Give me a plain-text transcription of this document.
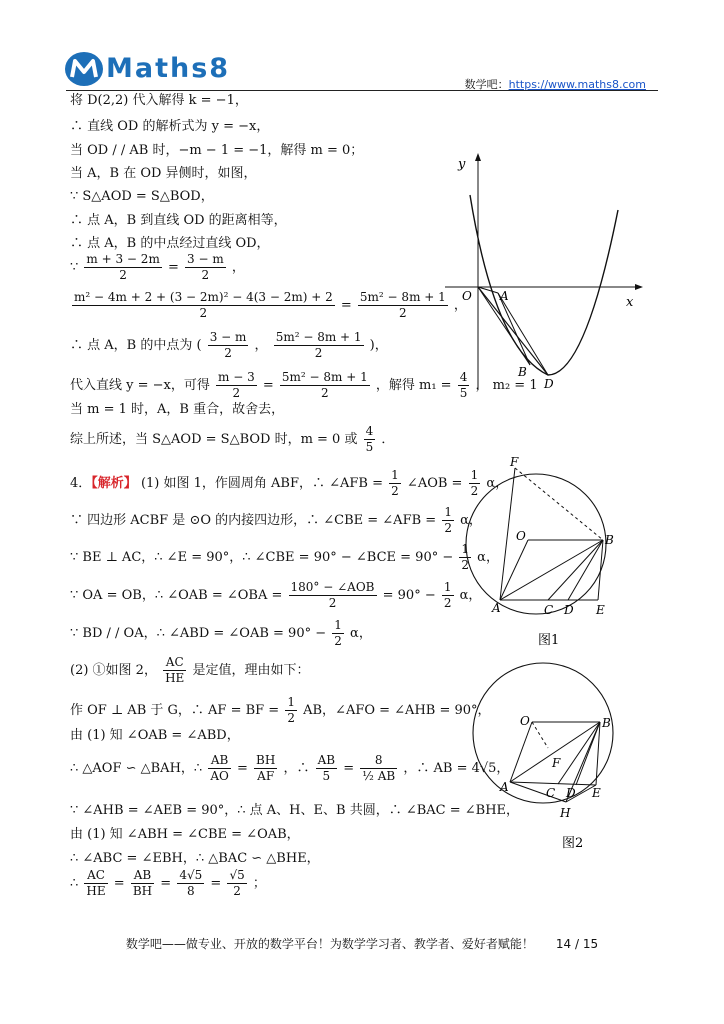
Maths8
数学吧：https://www.maths8.com
将 D(2,2) 代入解得 k = −1，
∴ 直线 OD 的解析式为 y = −x，
当 OD / / AB 时，−m − 1 = −1，解得 m = 0；
当 A，B 在 OD 异侧时，如图，
∵ S△AOD = S△BOD，
∴ 点 A，B 到直线 OD 的距离相等，
∴ 点 A，B 的中点经过直线 OD，
∵ $\frac{m + 3 - 2m}{2} = \frac{3 - m}{2}$ ，
$\frac{\text{m² − 4m + 2 + (3 − 2m)² − 4(3 − 2m) + 2}}{2} = \frac{\text{5m² − 8m + 1}}{2}$ ，
∴ 点 A，B 的中点为 ( $\frac{3 - m}{2}$ ， $\frac{\text{5m² − 8m + 1}}{2}$ )，
代入直线 y = −x，可得 $\frac{m - 3}{2} = \frac{\text{5m² − 8m + 1}}{2}$ ，解得 $m_1 = \frac{4}{5}$ ， m₂ = 1
当 m = 1 时，A，B 重合，故舍去，
综上所述，当 S△AOD = S△BOD 时，m = 0 或 $\frac{4}{5}$ ．
4．【解析】 (1) 如图 1，作圆周角 ABF，∴ ∠AFB = $\frac{1}{2}$ ∠AOB = $\frac{1}{2}$ α，
∵ 四边形 ACBF 是 ⊙O 的内接四边形，∴ ∠CBE = ∠AFB = $\frac{1}{2}$ α，
∵ BE ⊥ AC，∴ ∠E = 90°，∴ ∠CBE = 90° − ∠BCE = $90^\circ - \frac{1}{2}$ α，
∵ OA = OB，∴ ∠OAB = ∠OBA = $\frac{\text{180° − ∠AOB}}{2} = 90^\circ - \frac{1}{2}$ α，
∵ BD / / OA，∴ ∠ABD = ∠OAB = $90^\circ - \frac{1}{2}$ α，
(2) ①如图 2， $\frac{AC}{HE}$ 是定值，理由如下：
作 OF ⊥ AB 于 G，∴ AF = BF = $\frac{1}{2}$ AB，∠AFO = ∠AHB = 90°，
由 (1) 知 ∠OAB = ∠ABD，
∴ △AOF ∽ △BAH，∴ $\frac{AB}{AO} = \frac{BH}{AF}$ ，∴ $\frac{AB}{5} = \frac{8}{\text{½ AB}}$ ，∴ AB = 4√5，
∵ ∠AHB = ∠AEB = 90°，∴ 点 A、H、E、B 共圆，∴ ∠BAC = ∠BHE，
由 (1) 知 ∠ABH = ∠CBE = ∠OAB，
∴ ∠ABC = ∠EBH，∴ △BAC ∽ △BHE，
∴ $\frac{AC}{HE} = \frac{AB}{BH} = \frac{4√5}{8} = \frac{√5}{2}$ ；
y
x
O A
B
D
F
O	B
A	C D E
图1
O	B
F
A	C D E
H
图2
数学吧——做专业、开放的数学平台！为数学学习者、教学者、爱好者赋能！ 14 / 15
